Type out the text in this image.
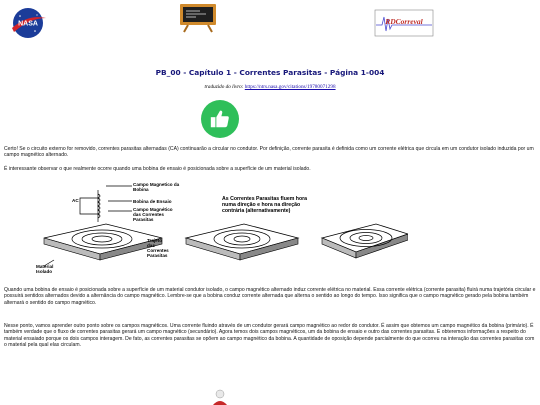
NASA	RDCorreval
PB_00 - Capítulo 1 - Correntes Parasitas - Página 1-004
traduzido do livro: https://ntrs.nasa.gov/citations/19780071298

Certo! Se o circuito externo for removido, correntes parasitas alternadas (CA) continuarão a circular no condutor. Por definição, corrente parasita é definida como um corrente elétrica que circula em um condutor isolado induzida por um campo magnético alternado.

É interessante observar o que realmente ocorre quando uma bobina de ensaio é posicionada sobre a superfície de um material isolado.

AC
Campo Magnetico da
Bobina
Bobina de Ensaio
Campo Magnético
das Correntes
Parasitas
Trajeto
das
Correntes
Parasitas
Material
Isolado
As Correntes Parasitas fluem hora
numa direção e hora na direção
contrária (alternativamente)

Quando uma bobina de ensaio é posicionada sobre a superfície de um material condutor isolado, o campo magnético alternado induz corrente elétrica no material. Essa corrente elétrica (corrente parasita) fluirá numa trajetória circular e possuirá sentidos alternados devido a alternância do campo magnético. Lembre-se que a bobina conduz corrente alternada que alterna o sentido ao longo do tempo. Isso significa que o campo magnético gerado pela bobina também alternará o sentido do campo magnético.

Nesse ponto, vamos aprender outro ponto sobre os campos magnéticos. Uma corrente fluindo através de um condutor gerará campo magnético ao redor do condutor. É assim que obtemos um campo magnético da bobina (primário). É também verdade que o fluxo de correntes parasitas gerará um campo magnético (secundário). Agora temos dois campos magnéticos, um da bobina de ensaio e outro das correntes parasitas. E obteremos informações a respeito do material ensaiado porque os dois campos interagem. De fato, as correntes parasitas se opõem ao campo magnético da bobina. A quantidade de oposição depende parcialmente do que ocorreu na interação das correntes parasitas com o material pela qual elas circulam.
